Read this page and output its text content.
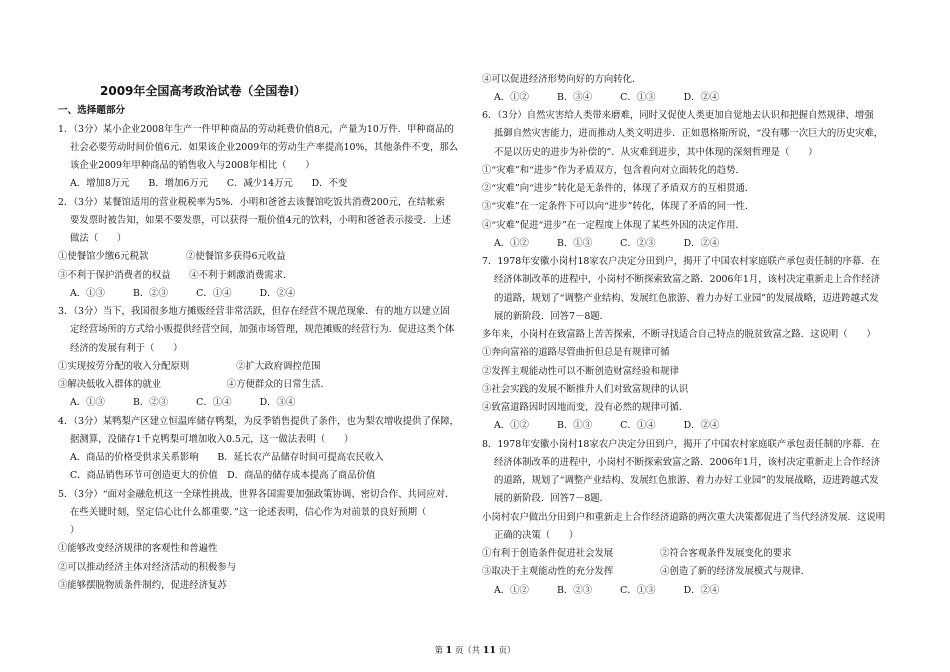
2009年全国高考政治试卷（全国卷Ⅰ）
一、选择题部分
1．（3分）某小企业2008年生产一件甲种商品的劳动耗费价值8元，产量为10万件．甲种商品的
社会必要劳动时间价值6元．如果该企业2009年的劳动生产率提高10%，其他条件不变，那么
该企业2009年甲种商品的销售收入与2008年相比（　　）
A．增加8万元　　B．增加6万元　　C．减少14万元　　D．不变
2．（3分）某餐馆适用的营业税税率为5%．小明和爸爸去该餐馆吃饭共消费200元，在结帐索
要发票时被告知，如果不要发票，可以获得一瓶价值4元的饮料，小明和爸爸表示接受．上述
做法（　　）
①使餐馆少缴6元税款　　　　②使餐馆多获得6元收益
③不利于保护消费者的权益　　④不利于刺激消费需求．
A．①③　　　B．②③　　　C．①④　　　D．②④
3．（3分）当下，我国很多地方摊贩经营非常活跃，但存在经营不规范现象．有的地方以建立固
定经营场所的方式给小贩提供经营空间，加强市场管理，规范摊贩的经营行为．促进这类个体
经济的发展有利于（　　）
①实现按劳分配的收入分配原则　　　　　②扩大政府调控范围
③解决低收入群体的就业　　　　　　　④方便群众的日常生活．
A．①③　　　B．②③　　　C．①④　　　D．③④
4．（3分）某鸭梨产区建立恒温库储存鸭梨，为反季销售提供了条件，也为梨农增收提供了保障，
据测算，没储存1千克鸭梨可增加收入0.5元，这一做法表明（　　）
A．商品的价格受供求关系影响　　B．延长农产品储存时间可提高农民收入
C．商品销售环节可创造更大的价值　D．商品的储存成本提高了商品价值
5．（3分）“面对金融危机这一全球性挑战，世界各国需要加强政策协调、密切合作、共同应对．
在些关键时刻，坚定信心比什么都重要．”这一论述表明，信心作为对前景的良好预期（
）
①能够改变经济规律的客观性和普遍性
②可以推动经济主体对经济活动的积极参与
③能够摆脱物质条件制约，促进经济复苏
④可以促进经济形势向好的方向转化．
A．①②　　　B．③④　　　C．①③　　　D．②④
6．（3分）自然灾害给人类带来磨难，同时又促使人类更加自觉地去认识和把握自然规律、增强
抵御自然灾害能力，进而推动人类文明进步．正如恩格斯所说，“没有哪一次巨大的历史灾难，
不是以历史的进步为补偿的”．从灾难到进步，其中体现的深刻哲理是（　　）
①“灾难”和“进步”作为矛盾双方，包含着向对立面转化的趋势．
②“灾难”向“进步”转化是无条件的，体现了矛盾双方的互相贯通．
③“灾难”在一定条件下可以向“进步”转化，体现了矛盾的同一性．
④“灾难”促进“进步”在一定程度上体现了某些外因的决定作用．
A．①②　　　B．①③　　　C．②③　　　D．②④
7．1978年安徽小岗村18家农户决定分田到户，揭开了中国农村家庭联产承包责任制的序幕．在
经济体制改革的进程中，小岗村不断探索致富之路．2006年1月，该村决定重新走上合作经济
的道路，规划了“调整产业结构、发展红色旅游、着力办好工业园”的发展战略，迈进跨越式发
展的新阶段．回答7－8题．
多年来，小岗村在致富路上苦苦探索，不断寻找适合自己特点的脱贫致富之路．这说明（　　）
①奔向富裕的道路尽管曲折但总是有规律可循
②发挥主观能动性可以不断创造财富经验和规律
③社会实践的发展不断推升人们对致富规律的认识
④致富道路因时因地而变，没有必然的规律可循．
A．①②　　　B．①③　　　C．①④　　　D．②④
8．1978年安徽小岗村18家农户决定分田到户，揭开了中国农村家庭联产承包责任制的序幕．在
经济体制改革的进程中，小岗村不断探索致富之路．2006年1月，该村决定重新走上合作经济
的道路，规划了“调整产业结构、发展红色旅游、着力办好工业园”的发展战略，迈进跨越式发
展的新阶段．回答7－8题．
小岗村农户做出分田到户和重新走上合作经济道路的两次重大决策都促进了当代经济发展．这说明
正确的决策（　　）
①有利于创造条件促进社会发展　　　　　②符合客观条件发展变化的要求
③取决于主观能动性的充分发挥　　　　　④创造了新的经济发展模式与规律．
A．①②　　　B．②③　　　C．①③　　　D．②④
第 1 页（共 11 页）
